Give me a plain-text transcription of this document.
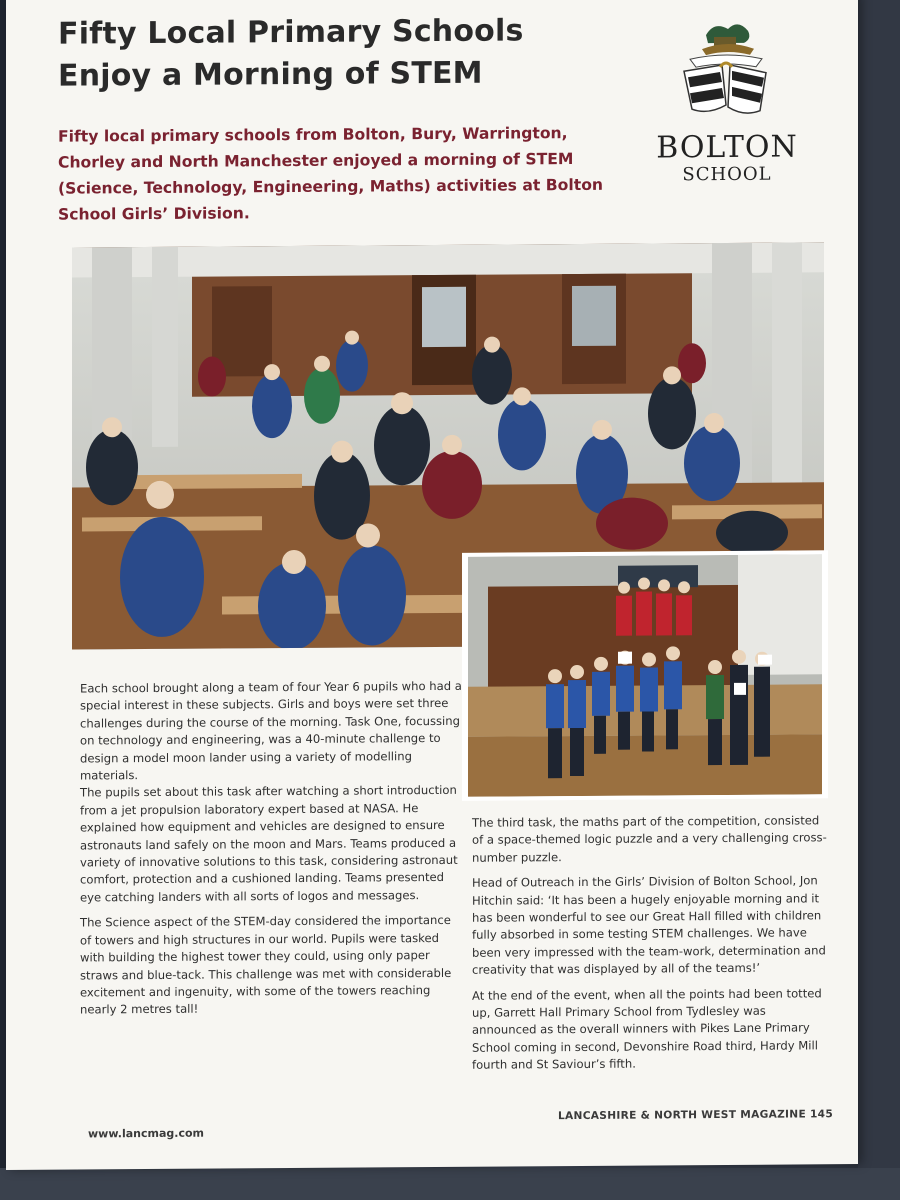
Fifty Local Primary Schools
Enjoy a Morning of STEM

Fifty local primary schools from Bolton, Bury, Warrington, Chorley and North Manchester enjoyed a morning of STEM (Science, Technology, Engineering, Maths) activities at Bolton School Girls’ Division.

BOLTON
SCHOOL

Each school brought along a team of four Year 6 pupils who had a special interest in these subjects. Girls and boys were set three challenges during the course of the morning. Task One, focussing on technology and engineering, was a 40-minute challenge to design a model moon lander using a variety of modelling materials.

The pupils set about this task after watching a short introduction from a jet propulsion laboratory expert based at NASA. He explained how equipment and vehicles are designed to ensure astronauts land safely on the moon and Mars. Teams produced a variety of innovative solutions to this task, considering astronaut comfort, protection and a cushioned landing. Teams presented eye catching landers with all sorts of logos and messages.

The Science aspect of the STEM-day considered the importance of towers and high structures in our world. Pupils were tasked with building the highest tower they could, using only paper straws and blue-tack. This challenge was met with considerable excitement and ingenuity, with some of the towers reaching nearly 2 metres tall!

The third task, the maths part of the competition, consisted of a space-themed logic puzzle and a very challenging cross-number puzzle.

Head of Outreach in the Girls’ Division of Bolton School, Jon Hitchin said: ‘It has been a hugely enjoyable morning and it has been wonderful to see our Great Hall filled with children fully absorbed in some testing STEM challenges. We have been very impressed with the team-work, determination and creativity that was displayed by all of the teams!’

At the end of the event, when all the points had been totted up, Garrett Hall Primary School from Tydlesley was announced as the overall winners with Pikes Lane Primary School coming in second, Devonshire Road third, Hardy Mill fourth and St Saviour’s fifth.

www.lancmag.com
LANCASHIRE & NORTH WEST MAGAZINE 145
